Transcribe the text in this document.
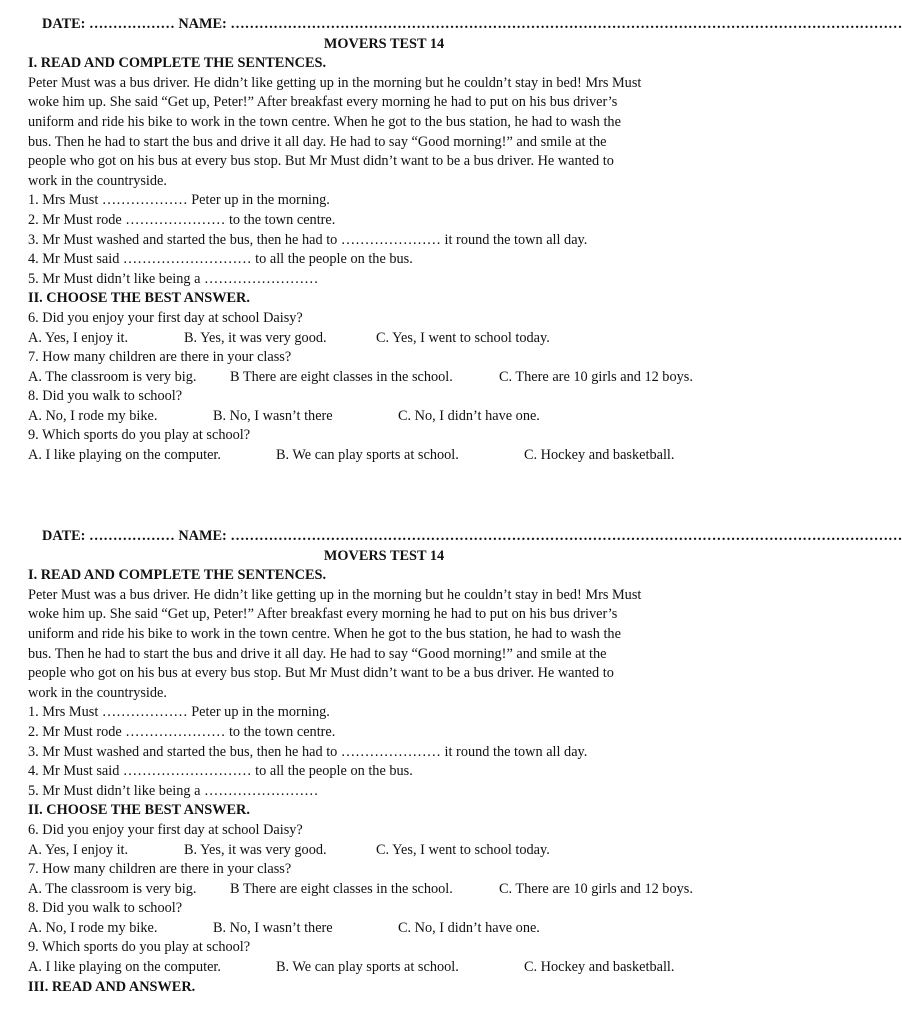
DATE: ……………… NAME: ……………………………………………………………………………………………………………………………
MOVERS TEST 14
I. READ AND COMPLETE THE SENTENCES.
Peter Must was a bus driver. He didn’t like getting up in the morning but he couldn’t stay in bed! Mrs Must
woke him up. She said “Get up, Peter!” After breakfast every morning he had to put on his bus driver’s
uniform and ride his bike to work in the town centre. When he got to the bus station, he had to wash the
bus. Then he had to start the bus and drive it all day. He had to say “Good morning!” and smile at the
people who got on his bus at every bus stop. But Mr Must didn’t want to be a bus driver. He wanted to
work in the countryside.
1. Mrs Must ……………… Peter up in the morning.
2. Mr Must rode ………………… to the town centre.
3. Mr Must washed and started the bus, then he had to ………………… it round the town all day.
4. Mr Must said ……………………… to all the people on the bus.
5. Mr Must didn’t like being a ……………………
II. CHOOSE THE BEST ANSWER.
6. Did you enjoy your first day at school Daisy?
A. Yes, I enjoy it.	B. Yes, it was very good.	C. Yes, I went to school today.
7. How many children are there in your class?
A. The classroom is very big.	B There are eight classes in the school.	C. There are 10 girls and 12 boys.
8. Did you walk to school?
A. No, I rode my bike.	B. No, I wasn’t there	C. No, I didn’t have one.
9. Which sports do you play at school?
A. I like playing on the computer.	B. We can play sports at school.	C. Hockey and basketball.
DATE: ……………… NAME: ……………………………………………………………………………………………………………………………
MOVERS TEST 14
I. READ AND COMPLETE THE SENTENCES.
Peter Must was a bus driver. He didn’t like getting up in the morning but he couldn’t stay in bed! Mrs Must
woke him up. She said “Get up, Peter!” After breakfast every morning he had to put on his bus driver’s
uniform and ride his bike to work in the town centre. When he got to the bus station, he had to wash the
bus. Then he had to start the bus and drive it all day. He had to say “Good morning!” and smile at the
people who got on his bus at every bus stop. But Mr Must didn’t want to be a bus driver. He wanted to
work in the countryside.
1. Mrs Must ……………… Peter up in the morning.
2. Mr Must rode ………………… to the town centre.
3. Mr Must washed and started the bus, then he had to ………………… it round the town all day.
4. Mr Must said ……………………… to all the people on the bus.
5. Mr Must didn’t like being a ……………………
II. CHOOSE THE BEST ANSWER.
6. Did you enjoy your first day at school Daisy?
A. Yes, I enjoy it.	B. Yes, it was very good.	C. Yes, I went to school today.
7. How many children are there in your class?
A. The classroom is very big.	B There are eight classes in the school.	C. There are 10 girls and 12 boys.
8. Did you walk to school?
A. No, I rode my bike.	B. No, I wasn’t there	C. No, I didn’t have one.
9. Which sports do you play at school?
A. I like playing on the computer.	B. We can play sports at school.	C. Hockey and basketball.
III. READ AND ANSWER.
